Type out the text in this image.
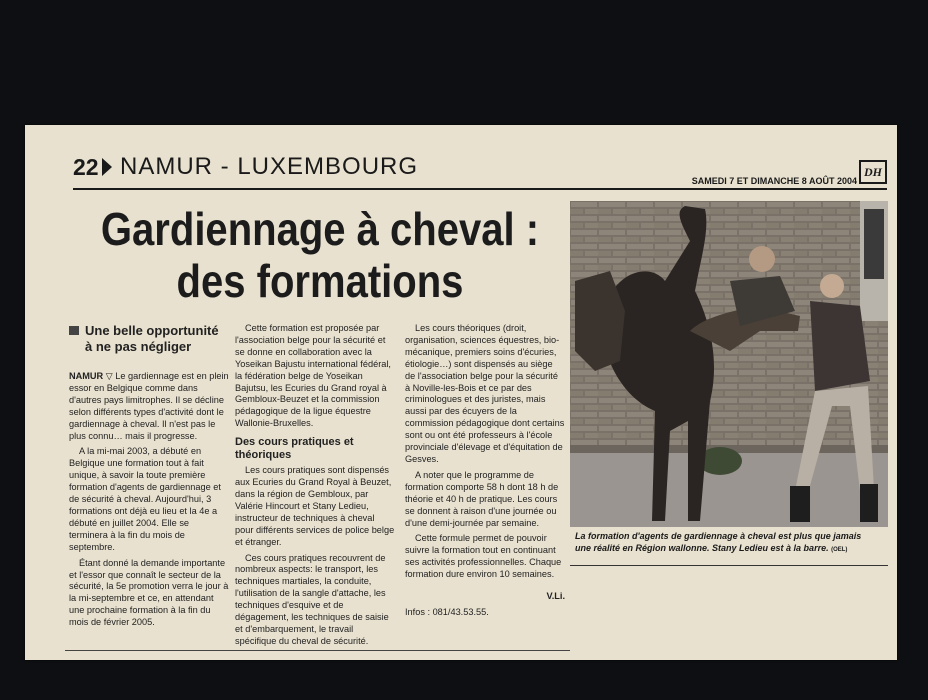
22 NAMUR - LUXEMBOURG
SAMEDI 7 ET DIMANCHE 8 AOÛT 2004
DH
Gardiennage à cheval :
des formations
Une belle opportunité à ne pas négliger

NAMUR ▽ Le gardiennage est en plein essor en Belgique comme dans d'autres pays limitrophes. Il se décline selon différents types d'activité dont le gardiennage à cheval. Il n'est pas le plus connu… mais il progresse.

A la mi-mai 2003, a débuté en Belgique une formation tout à fait unique, à savoir la toute première formation d'agents de gardiennage et de sécurité à cheval. Aujourd'hui, 3 formations ont déjà eu lieu et la 4e a débuté en juillet 2004. Elle se terminera à la fin du mois de septembre.

Étant donné la demande importante et l'essor que connaît le secteur de la sécurité, la 5e promotion verra le jour à la mi-septembre et ce, en attendant une prochaine formation à la fin du mois de février 2005.

Cette formation est proposée par l'association belge pour la sécurité et se donne en collaboration avec la Yoseikan Bajustu international fédéral, la fédération belge de Yoseikan Bajutsu, les Ecuries du Grand royal à Gembloux-Beuzet et la commission pédagogique de la ligue équestre Wallonie-Bruxelles.

Des cours pratiques et théoriques

Les cours pratiques sont dispensés aux Ecuries du Grand Royal à Beuzet, dans la région de Gembloux, par Valérie Hincourt et Stany Ledieu, instructeur de techniques à cheval pour différents services de police belge et étranger.

Ces cours pratiques recouvrent de nombreux aspects: le transport, les techniques martiales, la conduite, l'utilisation de la sangle d'attache, les techniques d'esquive et de dégagement, les techniques de saisie et d'embarquement, le travail spécifique du cheval de sécurité.

Les cours théoriques (droit, organisation, sciences équestres, bio-mécanique, premiers soins d'écuries, étiologie…) sont dispensés au siège de l'association belge pour la sécurité à Noville-les-Bois et ce par des criminologues et des juristes, mais aussi par des écuyers de la commission pédagogique dont certains sont ou ont été professeurs à l'école provinciale d'élevage et d'équitation de Gesves.

A noter que le programme de formation comporte 58 h dont 18 h de théorie et 40 h de pratique. Les cours se donnent à raison d'une journée ou d'une demi-journée par semaine.

Cette formule permet de pouvoir suivre la formation tout en continuant ses activités professionnelles. Chaque formation dure environ 10 semaines.

V.Li.
Infos : 081/43.53.55.
La formation d'agents de gardiennage à cheval est plus que jamais une réalité en Région wallonne. Stany Ledieu est à la barre. (OEL)
